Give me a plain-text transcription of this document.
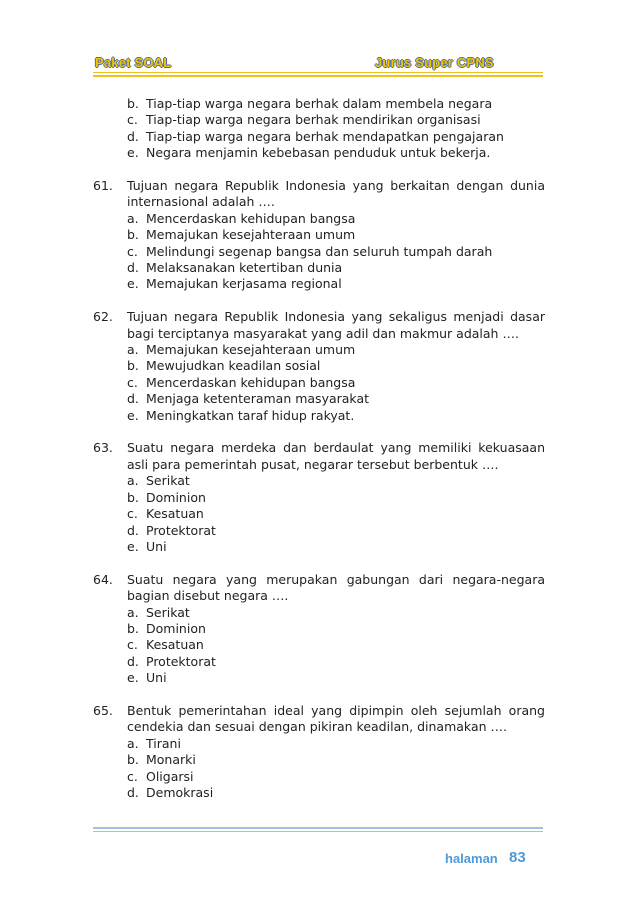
Paket SOAL	Jurus Super CPNS
b. Tiap-tiap warga negara berhak dalam membela negara
c. Tiap-tiap warga negara berhak mendirikan organisasi
d. Tiap-tiap warga negara berhak mendapatkan pengajaran
e. Negara menjamin kebebasan penduduk untuk bekerja.
61.	Tujuan negara Republik Indonesia yang berkaitan dengan dunia internasional adalah ….
a. Mencerdaskan kehidupan bangsa
b. Memajukan kesejahteraan umum
c. Melindungi segenap bangsa dan seluruh tumpah darah
d. Melaksanakan ketertiban dunia
e. Memajukan kerjasama regional
62.	Tujuan negara Republik Indonesia yang sekaligus menjadi dasar bagi terciptanya masyarakat yang adil dan makmur adalah ….
a. Memajukan kesejahteraan umum
b. Mewujudkan keadilan sosial
c. Mencerdaskan kehidupan bangsa
d. Menjaga ketenteraman masyarakat
e. Meningkatkan taraf hidup rakyat.
63.	Suatu negara merdeka dan berdaulat yang memiliki kekuasaan asli para pemerintah pusat, negarar tersebut berbentuk ….
a. Serikat
b. Dominion
c. Kesatuan
d. Protektorat
e. Uni
64.	Suatu negara yang merupakan gabungan dari negara-negara bagian disebut negara ….
a. Serikat
b. Dominion
c. Kesatuan
d. Protektorat
e. Uni
65.	Bentuk pemerintahan ideal yang dipimpin oleh sejumlah orang cendekia dan sesuai dengan pikiran keadilan, dinamakan ….
a. Tirani
b. Monarki
c. Oligarsi
d. Demokrasi
halaman 83
